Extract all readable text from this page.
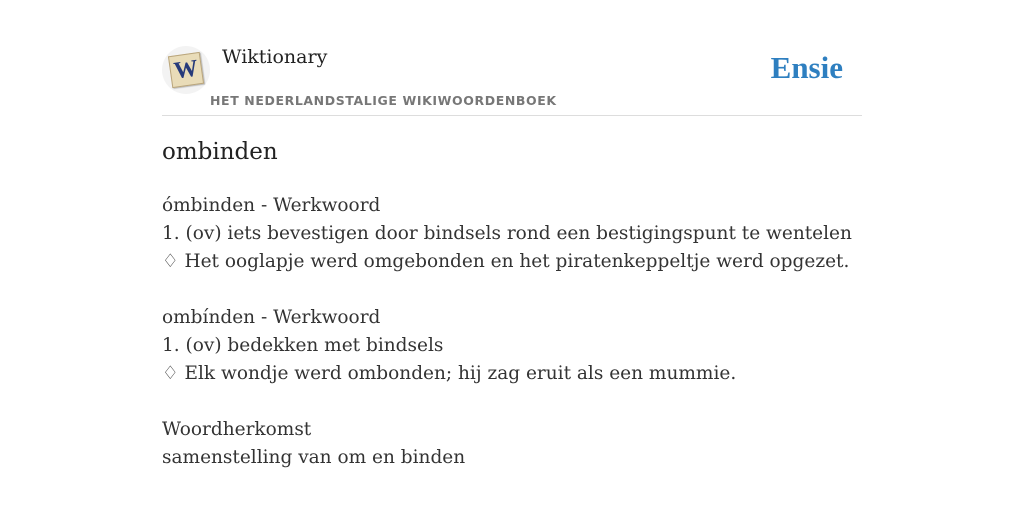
W Wiktionary
HET NEDERLANDSTALIGE WIKIWOORDENBOEK
Ensie
ombinden
ómbinden - Werkwoord
1. (ov) iets bevestigen door bindsels rond een bestigingspunt te wentelen
♢ Het ooglapje werd omgebonden en het piratenkeppeltje werd opgezet.
ombínden - Werkwoord
1. (ov) bedekken met bindsels
♢ Elk wondje werd ombonden; hij zag eruit als een mummie.
Woordherkomst
samenstelling van om en binden
